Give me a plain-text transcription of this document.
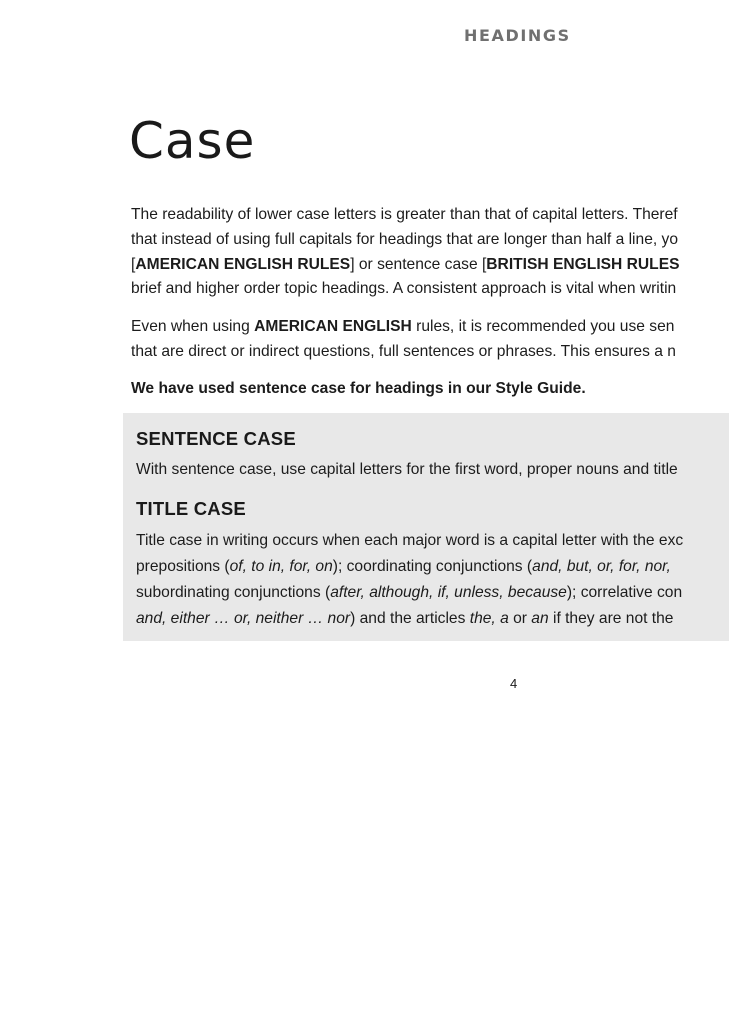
HEADINGS
Case

The readability of lower case letters is greater than that of capital letters. Theref
that instead of using full capitals for headings that are longer than half a line, yo
[AMERICAN ENGLISH RULES] or sentence case [BRITISH ENGLISH RULES
brief and higher order topic headings. A consistent approach is vital when writin

Even when using AMERICAN ENGLISH rules, it is recommended you use sen
that are direct or indirect questions, full sentences or phrases. This ensures a n

We have used sentence case for headings in our Style Guide.

SENTENCE CASE

With sentence case, use capital letters for the first word, proper nouns and title

TITLE CASE

Title case in writing occurs when each major word is a capital letter with the exc
prepositions (of, to in, for, on); coordinating conjunctions (and, but, or, for, nor,
subordinating conjunctions (after, although, if, unless, because); correlative con
and, either … or, neither … nor) and the articles the, a or an if they are not the

4
